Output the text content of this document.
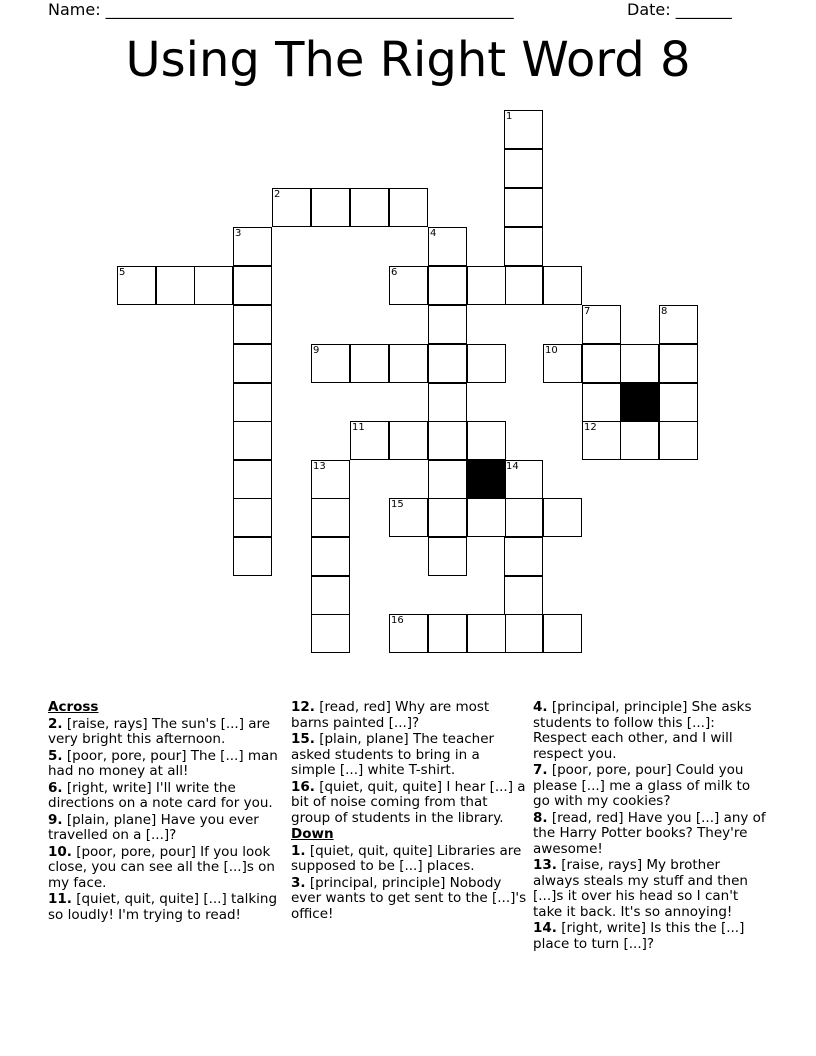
Name: ___________________________________________________	Date: _______
Using The Right Word 8
1
2
3	4
5	6
7	8
9	10
11	12
13	14
15
16
Across
2. [raise, rays] The sun's [...] are very bright this afternoon.
5. [poor, pore, pour] The [...] man had no money at all!
6. [right, write] I'll write the directions on a note card for you.
9. [plain, plane] Have you ever travelled on a [...]?
10. [poor, pore, pour] If you look close, you can see all the [...]s on my face.
11. [quiet, quit, quite] [...] talking so loudly! I'm trying to read!
12. [read, red] Why are most barns painted [...]?
15. [plain, plane] The teacher asked students to bring in a simple [...] white T-shirt.
16. [quiet, quit, quite] I hear [...] a bit of noise coming from that group of students in the library.
Down
1. [quiet, quit, quite] Libraries are supposed to be [...] places.
3. [principal, principle] Nobody ever wants to get sent to the [...]'s office!
4. [principal, principle] She asks students to follow this [...]: Respect each other, and I will respect you.
7. [poor, pore, pour] Could you please [...] me a glass of milk to go with my cookies?
8. [read, red] Have you [...] any of the Harry Potter books? They're awesome!
13. [raise, rays] My brother always steals my stuff and then [...]s it over his head so I can't take it back. It's so annoying!
14. [right, write] Is this the [...] place to turn [...]?
